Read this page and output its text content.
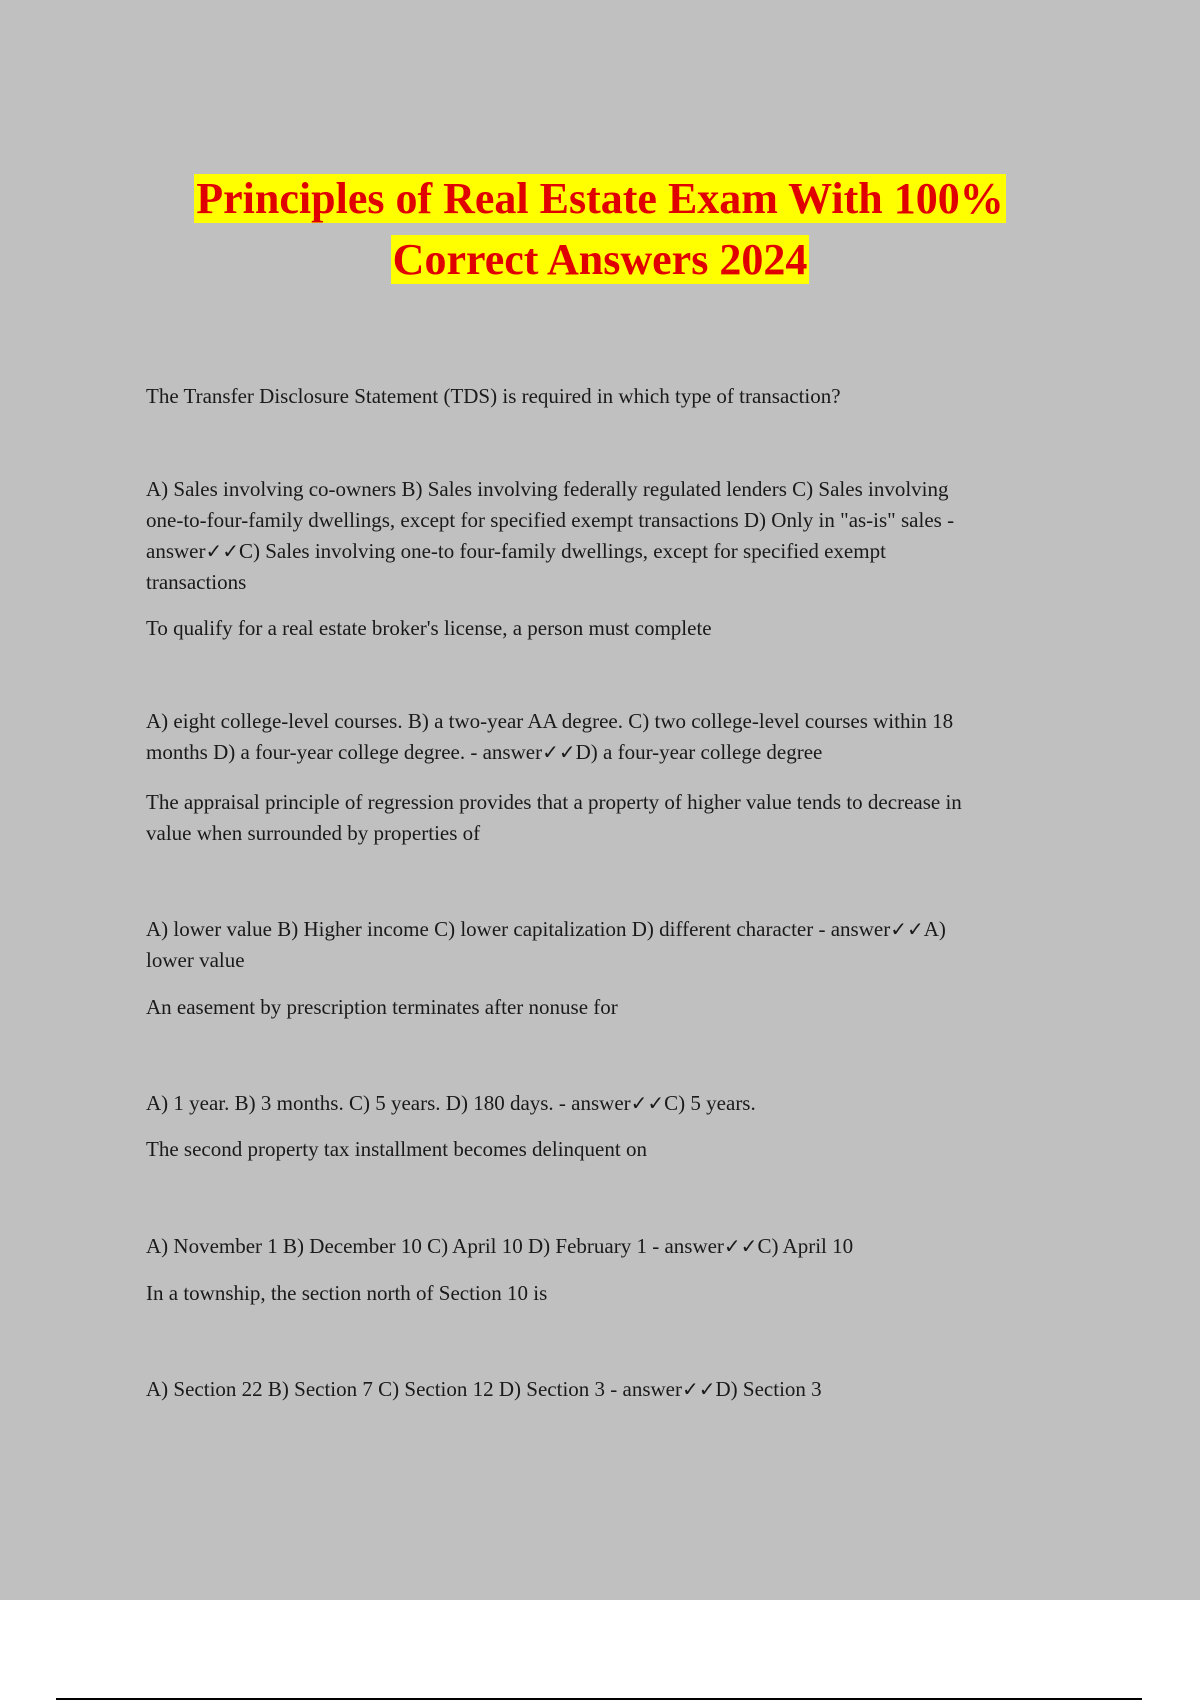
Principles of Real Estate Exam With 100%
Correct Answers 2024

The Transfer Disclosure Statement (TDS) is required in which type of transaction?

A) Sales involving co-owners B) Sales involving federally regulated lenders C) Sales involving
one-to-four-family dwellings, except for specified exempt transactions D) Only in "as-is" sales -
answer✓✓C) Sales involving one-to four-family dwellings, except for specified exempt
transactions

To qualify for a real estate broker's license, a person must complete

A) eight college-level courses. B) a two-year AA degree. C) two college-level courses within 18
months D) a four-year college degree. - answer✓✓D) a four-year college degree

The appraisal principle of regression provides that a property of higher value tends to decrease in
value when surrounded by properties of

A) lower value B) Higher income C) lower capitalization D) different character - answer✓✓A)
lower value

An easement by prescription terminates after nonuse for

A) 1 year. B) 3 months. C) 5 years. D) 180 days. - answer✓✓C) 5 years.

The second property tax installment becomes delinquent on

A) November 1 B) December 10 C) April 10 D) February 1 - answer✓✓C) April 10

In a township, the section north of Section 10 is

A) Section 22 B) Section 7 C) Section 12 D) Section 3 - answer✓✓D) Section 3
